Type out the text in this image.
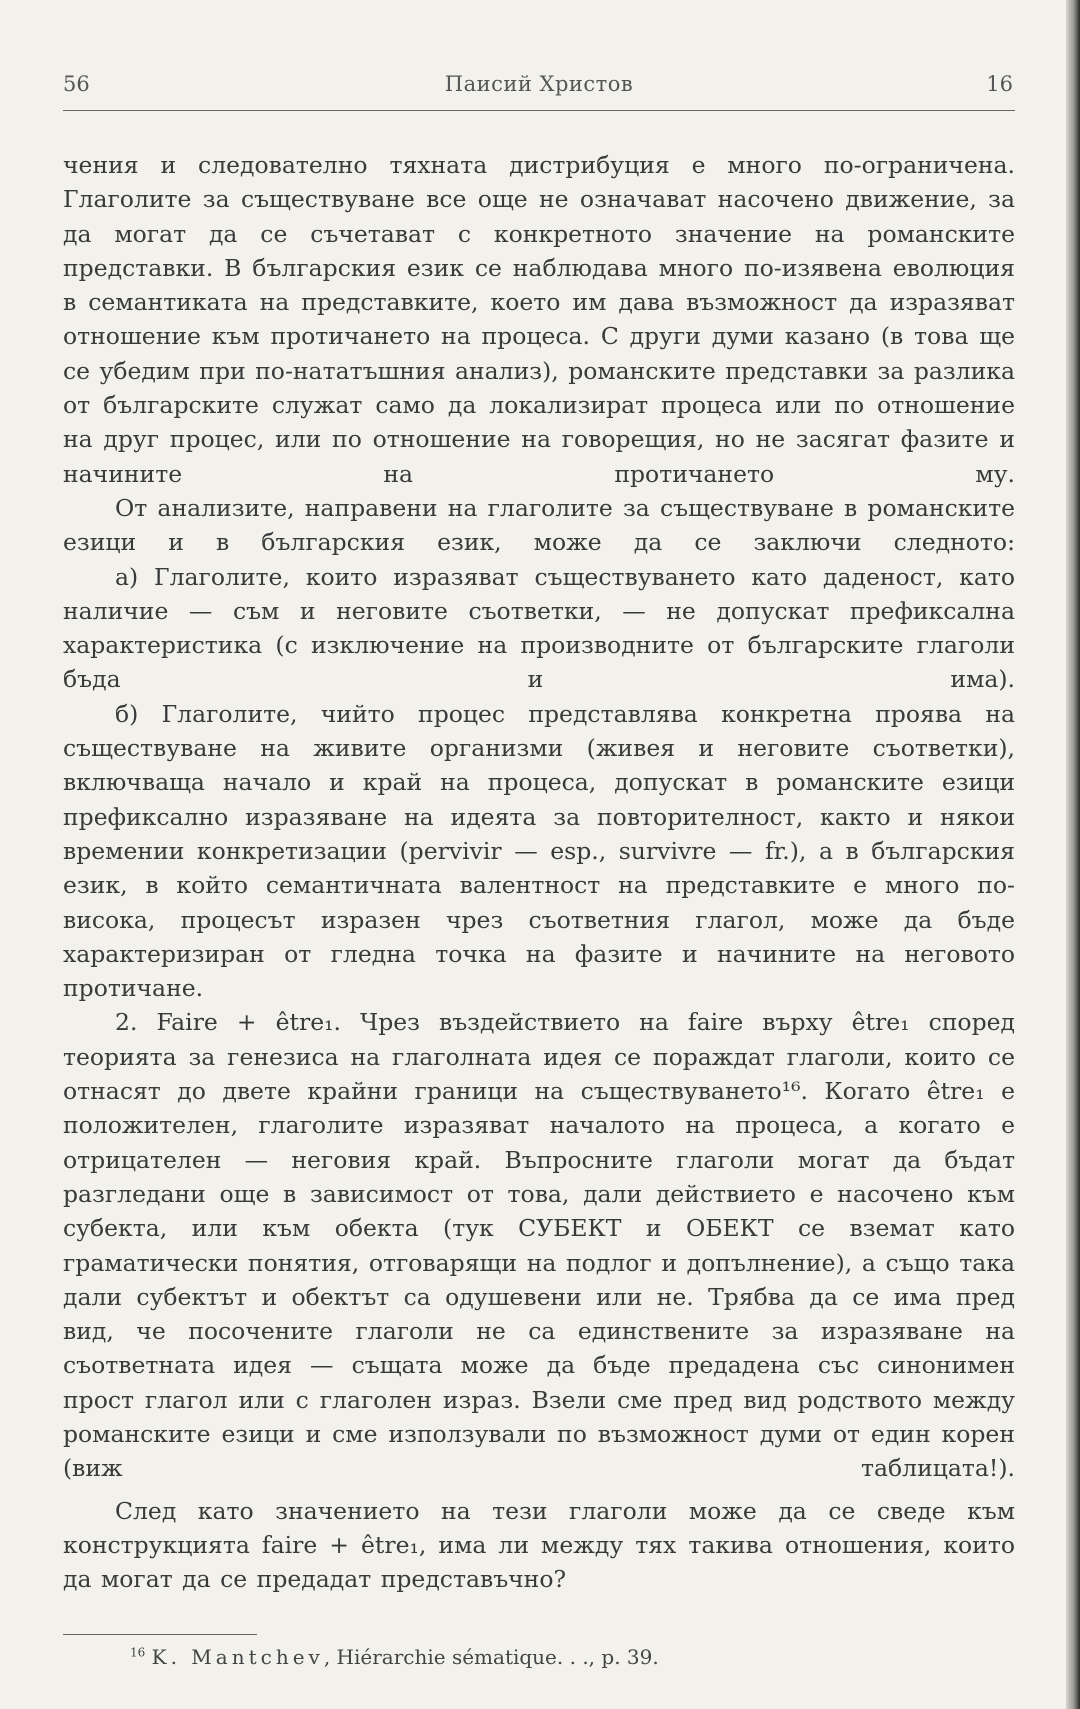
56	Паисий Христов	16

чения и следователно тяхната дистрибуция е много по-ограничена. Глаголите за съществуване все още не означават насочено движение, за да могат да се съчетават с конкретното значение на романските представки. В българския език се наблюдава много по-изявена еволюция в семантиката на представките, което им дава възможност да изразяват отношение към протичането на процеса. С други думи казано (в това ще се убедим при по-нататъшния анализ), романските представки за разлика от българските служат само да локализират процеса или по отношение на друг процес, или по отношение на говорещия, но не засягат фазите и начините на протичането му.

От анализите, направени на глаголите за съществуване в романските езици и в българския език, може да се заключи следното:

а) Глаголите, които изразяват съществуването като даденост, като наличие — съм и неговите съответки, — не допускат префиксална характеристика (с изключение на производните от българските глаголи бъда и има).

б) Глаголите, чийто процес представлява конкретна проява на съществуване на живите организми (живея и неговите съответки), включваща начало и край на процеса, допускат в романските езици префиксално изразяване на идеята за повторителност, както и някои времении конкретизации (pervivir — esp., survivre — fr.), а в българския език, в който семантичната валентност на представките е много по-висока, процесът изразен чрез съответния глагол, може да бъде характеризиран от гледна точка на фазите и начините на неговото протичане.

2. Faire + être₁. Чрез въздействието на faire върху être₁ според теорията за генезиса на глаголната идея се пораждат глаголи, които се отнасят до двете крайни граници на съществуването¹⁶. Когато être₁ е положителен, глаголите изразяват началото на процеса, а когато е отрицателен — неговия край. Въпросните глаголи могат да бъдат разгледани още в зависимост от това, дали действието е насочено към субекта, или към обекта (тук СУБЕКТ и ОБЕКТ се вземат като граматически понятия, отговарящи на подлог и допълнение), а също така дали субектът и обектът са одушевени или не. Трябва да се има пред вид, че посочените глаголи не са единствените за изразяване на съответната идея — същата може да бъде предадена със синонимен прост глагол или с глаголен израз. Взели сме пред вид родството между романските езици и сме използували по възможност думи от един корен (виж таблицата!).

След като значението на тези глаголи може да се сведе към конструкцията faire + être₁, има ли между тях такива отношения, които да могат да се предадат представъчно?

$^{16}$ K. Mantchev, Hiérarchie sématique. . ., p. 39.
